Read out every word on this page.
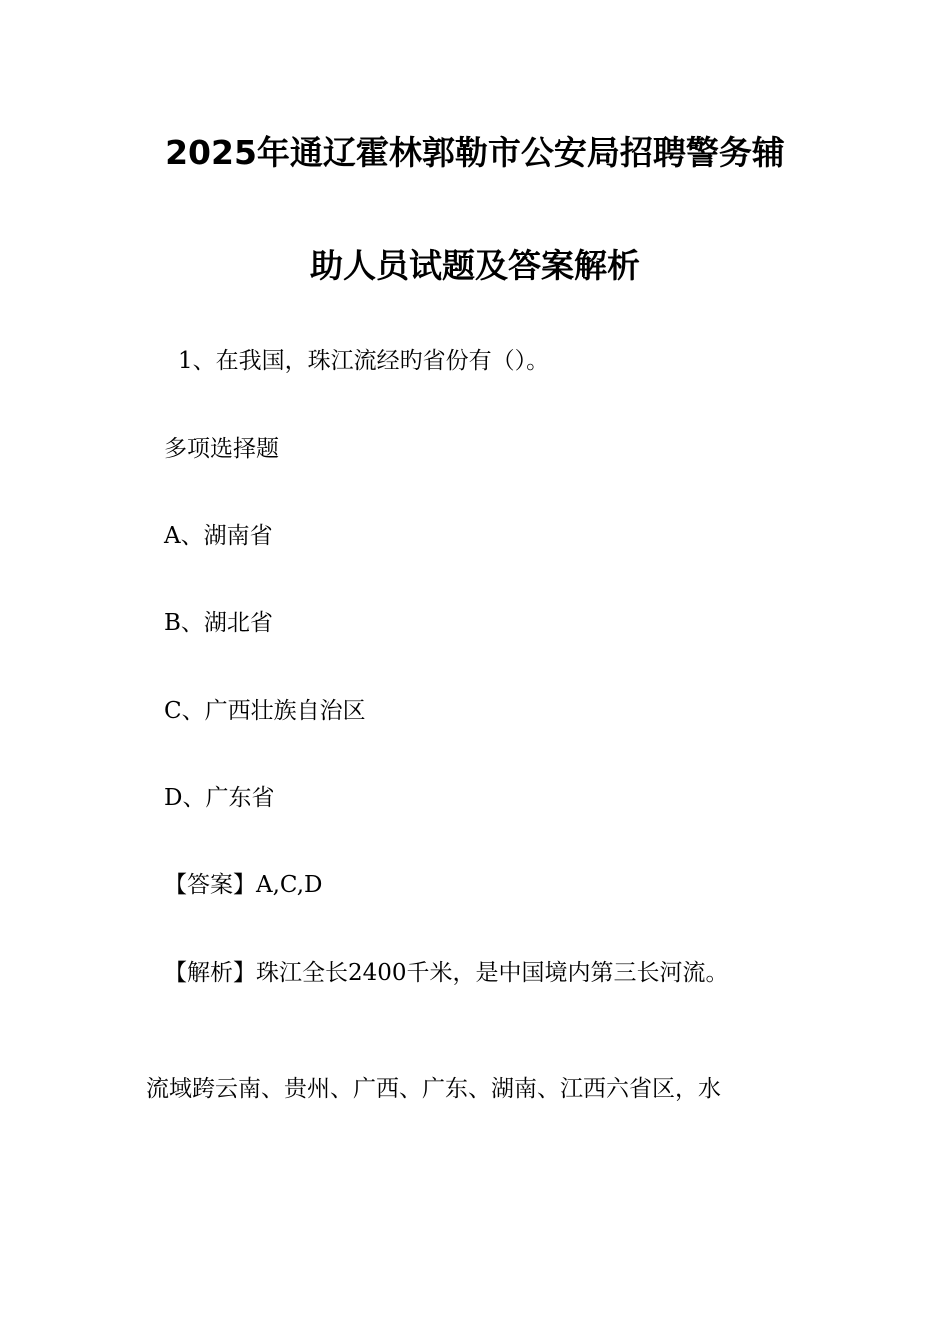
2025年通辽霍林郭勒市公安局招聘警务辅
助人员试题及答案解析
1、在我国，珠江流经旳省份有（）。
多项选择题
A、湖南省
B、湖北省
C、广西壮族自治区
D、广东省
【答案】A,C,D
【解析】珠江全长2400千米，是中国境内第三长河流。
流域跨云南、贵州、广西、广东、湖南、江西六省区，水
